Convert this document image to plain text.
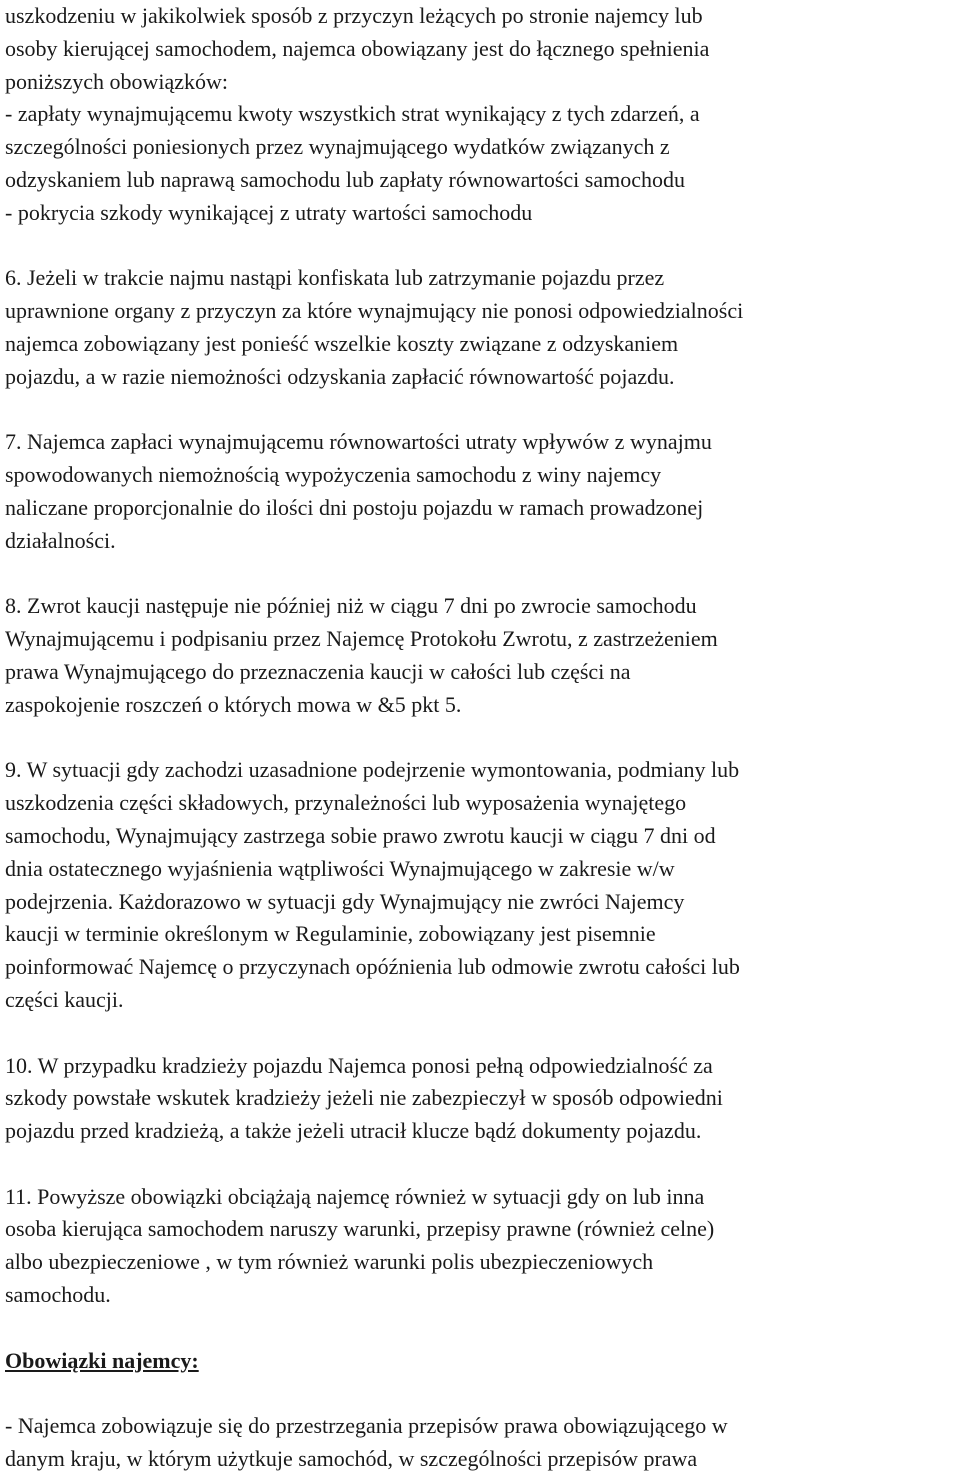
uszkodzeniu w jakikolwiek sposób z przyczyn leżących po stronie najemcy lub
osoby kierującej samochodem, najemca obowiązany jest do łącznego spełnienia
poniższych obowiązków:
- zapłaty wynajmującemu kwoty wszystkich strat wynikający z tych zdarzeń, a
szczególności poniesionych przez wynajmującego wydatków związanych z
odzyskaniem lub naprawą samochodu lub zapłaty równowartości samochodu
- pokrycia szkody wynikającej z utraty wartości samochodu
6. Jeżeli w trakcie najmu nastąpi konfiskata lub zatrzymanie pojazdu przez
uprawnione organy z przyczyn za które wynajmujący nie ponosi odpowiedzialności
najemca zobowiązany jest ponieść wszelkie koszty związane z odzyskaniem
pojazdu, a w razie niemożności odzyskania zapłacić równowartość pojazdu.
7. Najemca zapłaci wynajmującemu równowartości utraty wpływów z wynajmu
spowodowanych niemożnością wypożyczenia samochodu z winy najemcy
naliczane proporcjonalnie do ilości dni postoju pojazdu w ramach prowadzonej
działalności.
8. Zwrot kaucji następuje nie później niż w ciągu 7 dni po zwrocie samochodu
Wynajmującemu i podpisaniu przez Najemcę Protokołu Zwrotu, z zastrzeżeniem
prawa Wynajmującego do przeznaczenia kaucji w całości lub części na
zaspokojenie roszczeń o których mowa w &5 pkt 5.
9. W sytuacji gdy zachodzi uzasadnione podejrzenie wymontowania, podmiany lub
uszkodzenia części składowych, przynależności lub wyposażenia wynajętego
samochodu, Wynajmujący zastrzega sobie prawo zwrotu kaucji w ciągu 7 dni od
dnia ostatecznego wyjaśnienia wątpliwości Wynajmującego w zakresie w/w
podejrzenia. Każdorazowo w sytuacji gdy Wynajmujący nie zwróci Najemcy
kaucji w terminie określonym w Regulaminie, zobowiązany jest pisemnie
poinformować Najemcę o przyczynach opóźnienia lub odmowie zwrotu całości lub
części kaucji.
10. W przypadku kradzieży pojazdu Najemca ponosi pełną odpowiedzialność za
szkody powstałe wskutek kradzieży jeżeli nie zabezpieczył w sposób odpowiedni
pojazdu przed kradzieżą, a także jeżeli utracił klucze bądź dokumenty pojazdu.
11. Powyższe obowiązki obciążają najemcę również w sytuacji gdy on lub inna
osoba kierująca samochodem naruszy warunki, przepisy prawne (również celne)
albo ubezpieczeniowe , w tym również warunki polis ubezpieczeniowych
samochodu.
Obowiązki najemcy:
- Najemca zobowiązuje się do przestrzegania przepisów prawa obowiązującego w
danym kraju, w którym użytkuje samochód, w szczególności przepisów prawa
